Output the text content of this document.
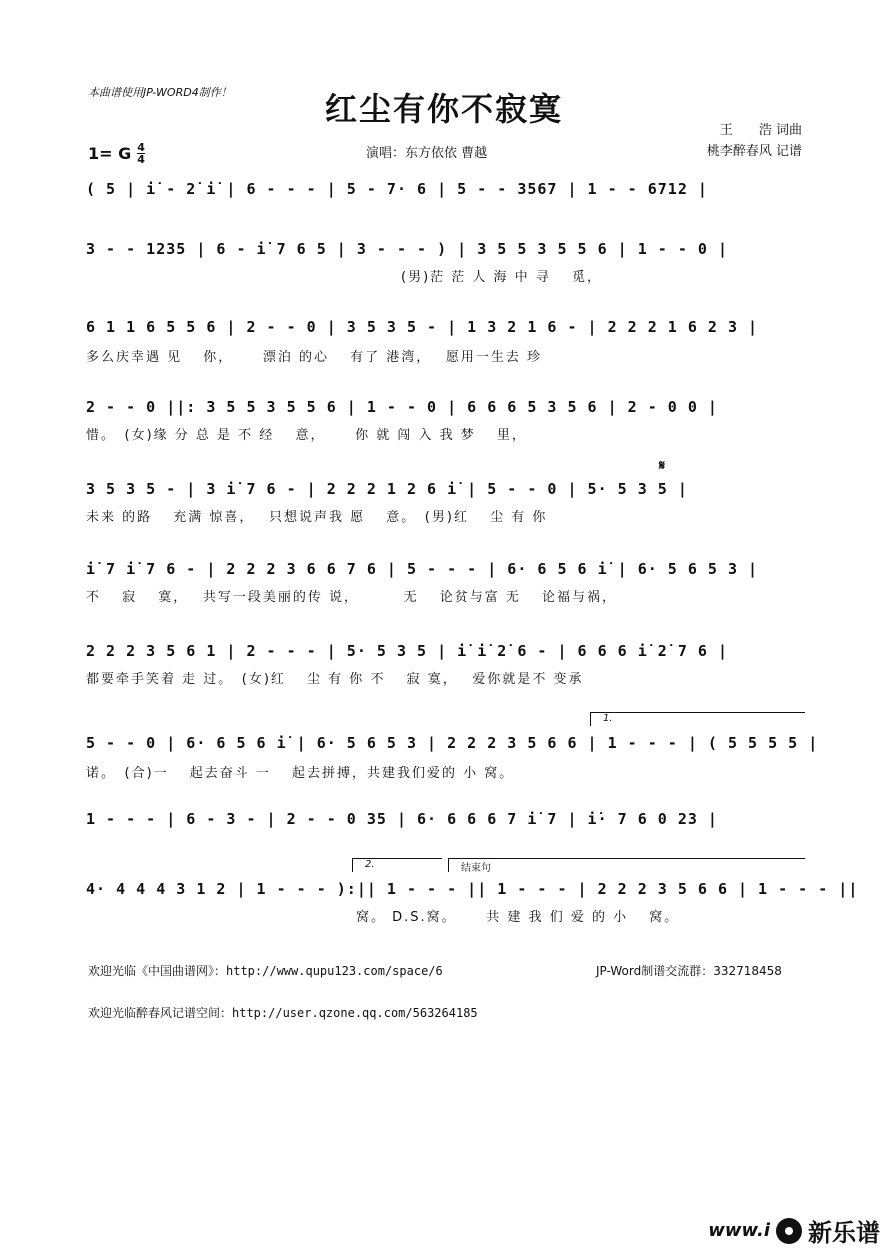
本曲谱使用JP-WORD4制作！	红尘有你不寂寞
王　　浩 词曲
桃李醉春风 记谱
1= G $\frac{4}{4}$	演唱：东方依依 曹越
𝄋
1.
2.	结束句
( 5 | i̇ - 2̇ i̇ | 6 - - - | 5 - 7· 6 | 5 - - 3567 | 1 - - 6712 |
3 - - 1235 | 6 - i̇ 7 6 5 | 3 - - - ) | 3 5 5 3 5 5 6 | 1 - - 0 |
　　　　　　　　　　　　　　　　　　　　　(男)茫 茫 人 海 中 寻　 觅，
6 1 1 6 5 5 6 | 2 - - 0 | 3 5 3 5 - | 1 3 2 1 6 - | 2 2 2 1 6 2 3 |
多么庆幸遇 见　 你，　　 漂泊 的心　 有了 港湾，　 愿用一生去 珍
2 - - 0 ||: 3 5 5 3 5 5 6 | 1 - - 0 | 6 6 6 5 3 5 6 | 2 - 0 0 |
惜。　(女)缘 分 总 是 不 经　 意，　　 你 就 闯 入 我 梦　 里，
3 5 3 5 - | 3 i̇ 7 6 - | 2 2 2 1 2 6 i̇ | 5 - - 0 | 5· 5 3 5 |
未来 的路　 充满 惊喜，　 只想说声我 愿　 意。　(男)红　 尘 有 你
i̇ 7 i̇ 7 6 - | 2 2 2 3 6 6 7 6 | 5 - - - | 6· 6 5 6 i̇ | 6· 5 6 5 3 |
不　 寂　 寞，　 共写一段美丽的传 说，　　　 无　 论贫与富 无　 论福与祸，
2 2 2 3 5 6 1 | 2 - - - | 5· 5 3 5 | i̇ i̇ 2̇ 6 - | 6 6 6 i̇ 2̇ 7 6 |
都要牵手笑着 走 过。　(女)红　 尘 有 你 不　 寂 寞，　 爱你就是不 变承
5 - - 0 | 6· 6 5 6 i̇ | 6· 5 6 5 3 | 2 2 2 3 5 6 6 | 1 - - - | ( 5 5 5 5 |
诺。　(合)一　 起去奋斗 一　 起去拼搏，共建我们爱的 小 窝。
1 - - - | 6 - 3 - | 2 - - 0 35 | 6· 6 6 6 7 i̇ 7 | i̇· 7 6 0 23 |
4· 4 4 4 3 1 2 | 1 - - - ):|| 1 - - - || 1 - - - | 2 2 2 3 5 6 6 | 1 - - - ||
　　　　　　　　　　　　　　　　　　窝。 D.S.窝。　　 共 建 我 们 爱 的 小　 窝。
欢迎光临《中国曲谱网》：http://www.qupu123.com/space/6	JP-Word制谱交流群：332718458
欢迎光临醉春风记谱空间：http://user.qzone.qq.com/563264185
www.i 新乐谱
